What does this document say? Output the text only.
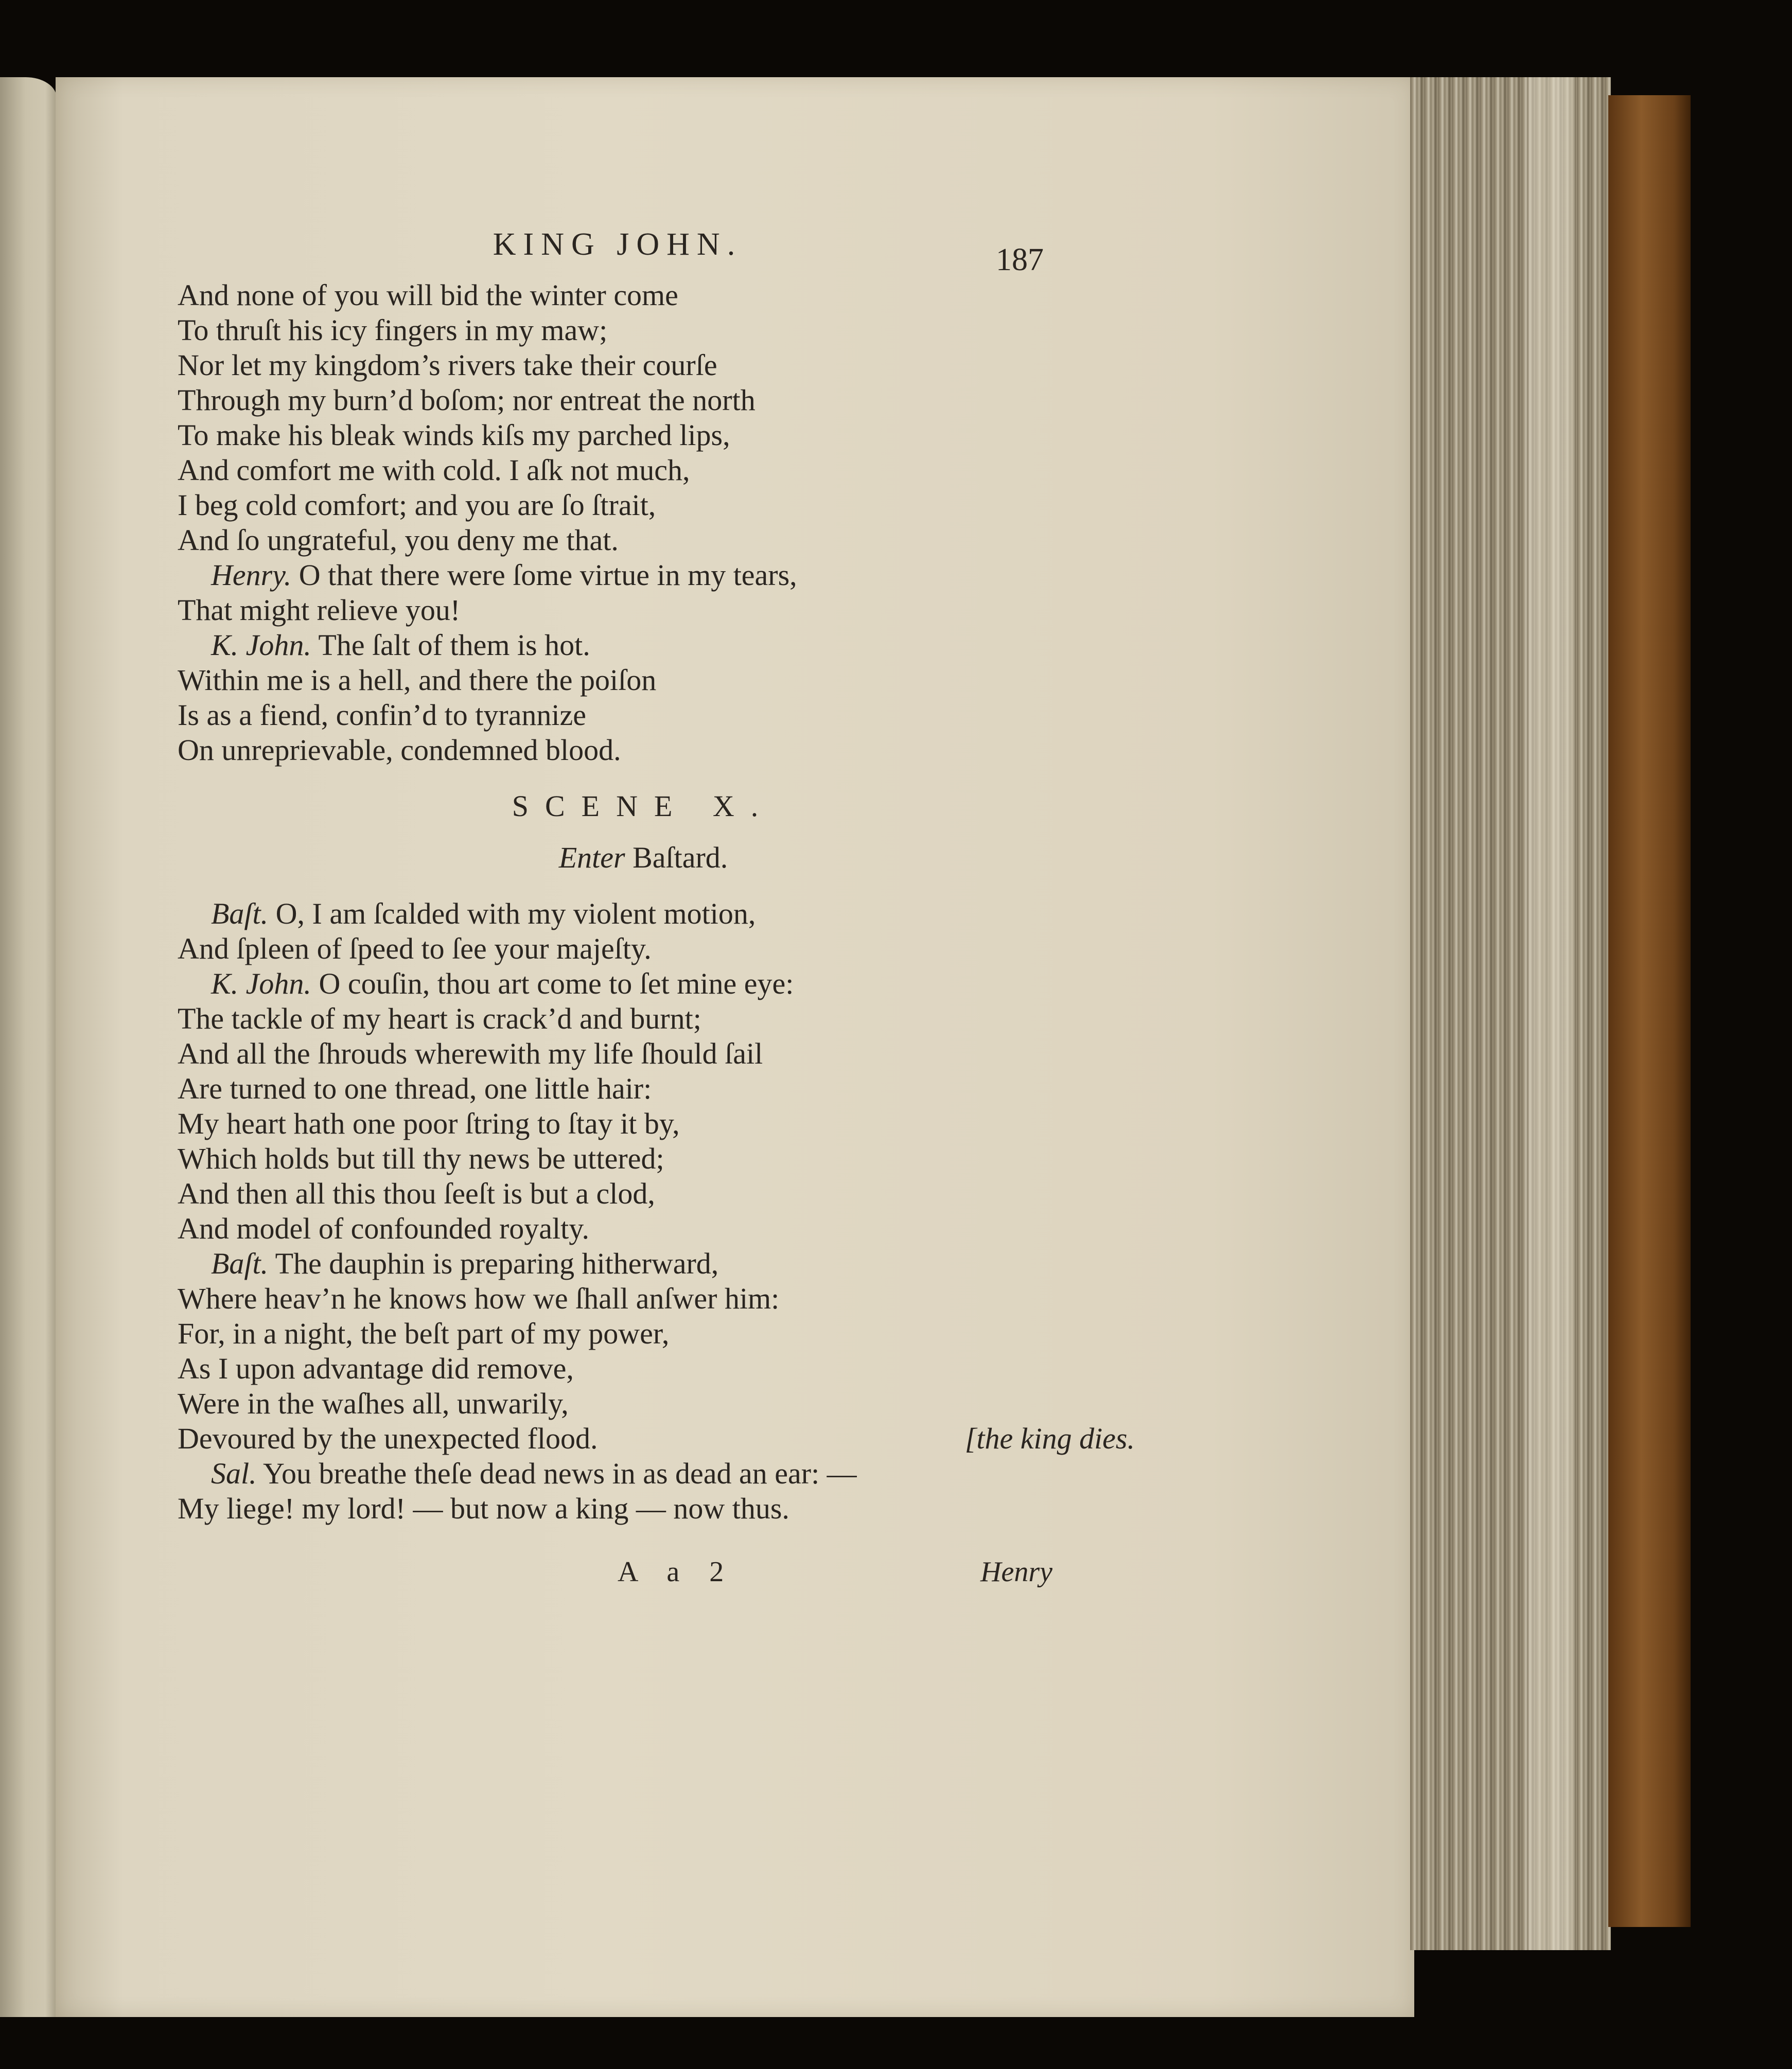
KING JOHN.	187
And none of you will bid the winter come
To thruſt his icy fingers in my maw;
Nor let my kingdom’s rivers take their courſe
Through my burn’d boſom; nor entreat the north
To make his bleak winds kiſs my parched lips,
And comfort me with cold. I aſk not much,
I beg cold comfort; and you are ſo ſtrait,
And ſo ungrateful, you deny me that.
Henry. O that there were ſome virtue in my tears,
That might relieve you!
K. John. The ſalt of them is hot.
Within me is a hell, and there the poiſon
Is as a fiend, confin’d to tyrannize
On unreprievable, condemned blood.
SCENE X.
Enter Baſtard.
Baſt. O, I am ſcalded with my violent motion,
And ſpleen of ſpeed to ſee your majeſty.
K. John. O couſin, thou art come to ſet mine eye:
The tackle of my heart is crack’d and burnt;
And all the ſhrouds wherewith my life ſhould ſail
Are turned to one thread, one little hair:
My heart hath one poor ſtring to ſtay it by,
Which holds but till thy news be uttered;
And then all this thou ſeeſt is but a clod,
And model of confounded royalty.
Baſt. The dauphin is preparing hitherward,
Where heav’n he knows how we ſhall anſwer him:
For, in a night, the beſt part of my power,
As I upon advantage did remove,
Were in the waſhes all, unwarily,
Devoured by the unexpected flood.	[the king dies.
Sal. You breathe theſe dead news in as dead an ear: —
My liege! my lord! — but now a king — now thus.
A a 2	Henry
